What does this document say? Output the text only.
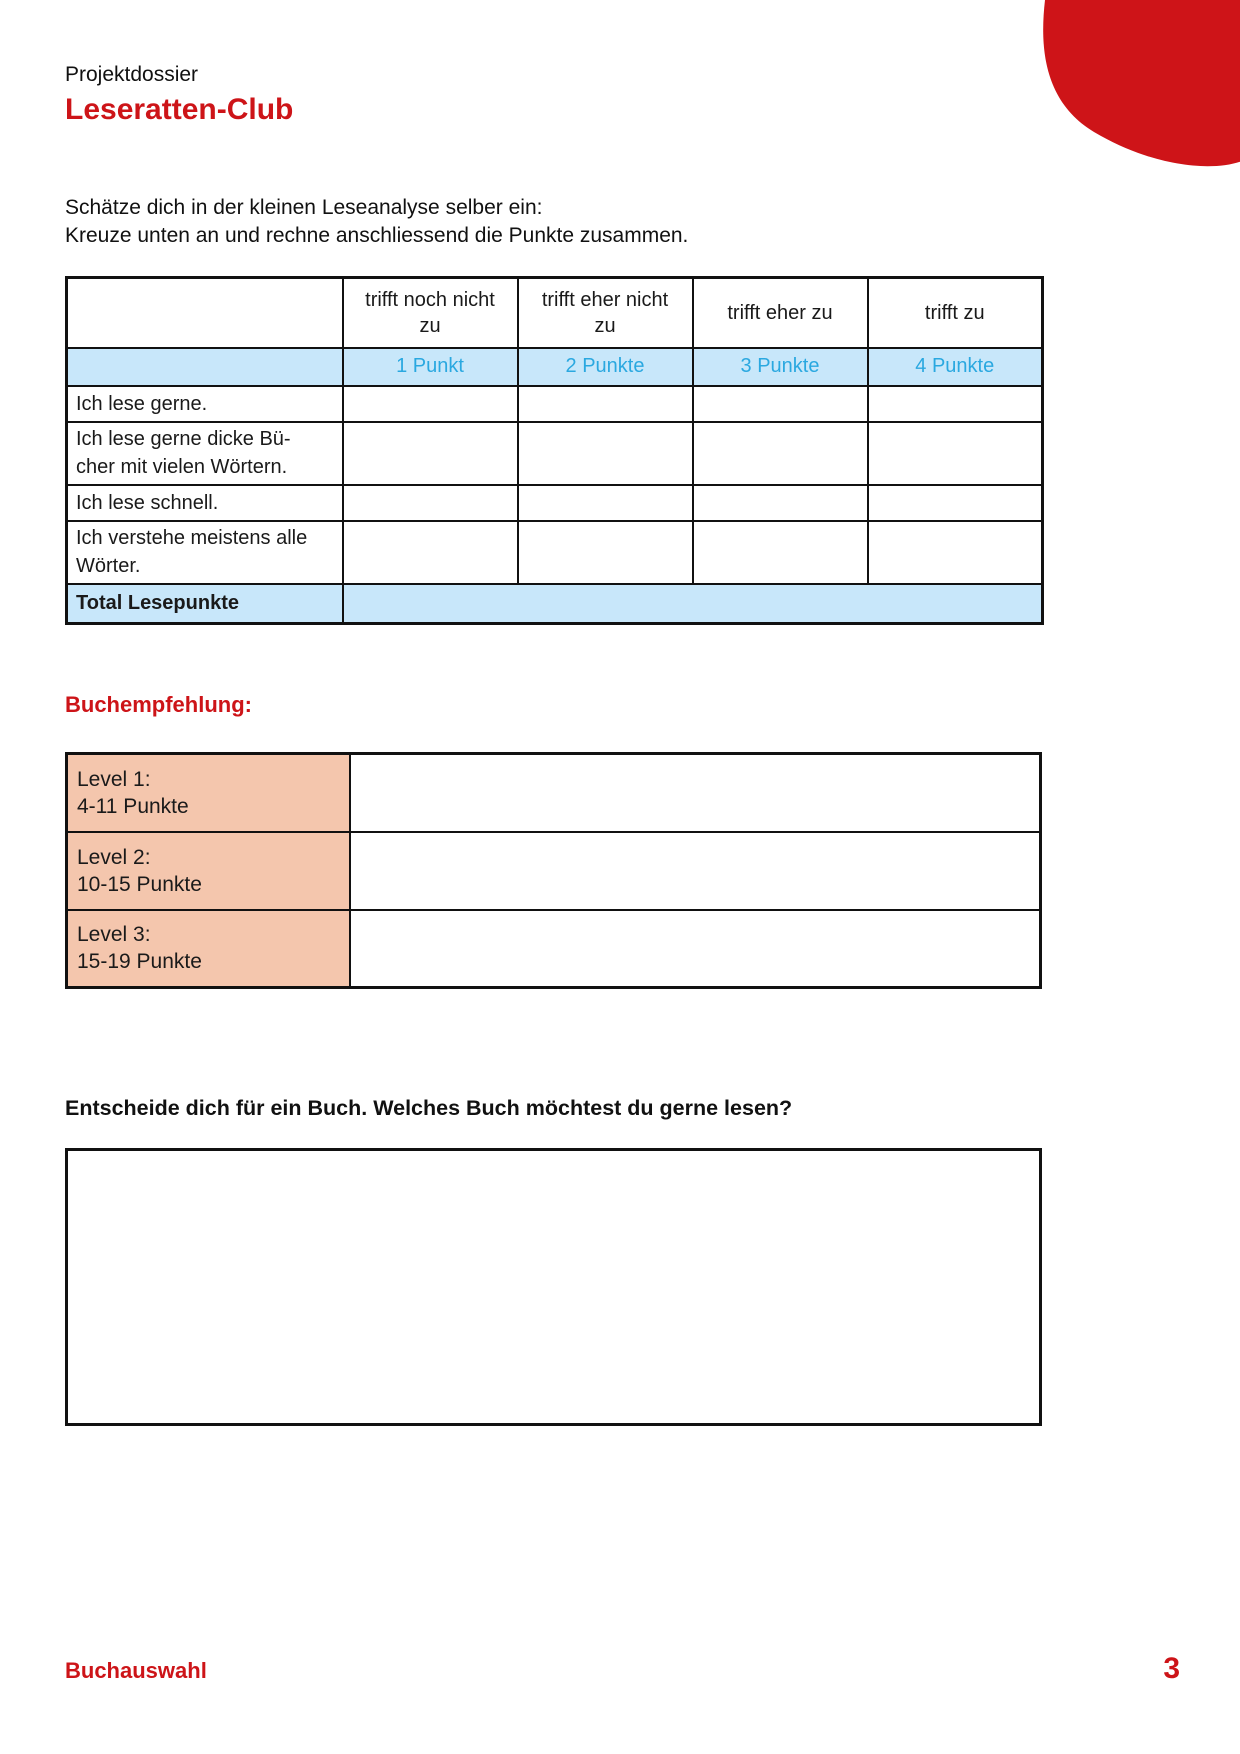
Projektdossier
Leseratten-Club
Schätze dich in der kleinen Leseanalyse selber ein:
Kreuze unten an und rechne anschliessend die Punkte zusammen.
	trifft noch nicht zu	trifft eher nicht zu	trifft eher zu	trifft zu
	1 Punkt	2 Punkte	3 Punkte	4 Punkte

Ich lese gerne.				

Ich lese gerne dicke Bü-
cher mit vielen Wörtern.				

Ich lese schnell.				

Ich verstehe meistens alle
Wörter.				

Total Lesepunkte				
Buchempfehlung:
Level 1:
4-11 Punkte	

Level 2:
10-15 Punkte	

Level 3:
15-19 Punkte	

Entscheide dich für ein Buch. Welches Buch möchtest du gerne lesen?
Buchauswahl	3
